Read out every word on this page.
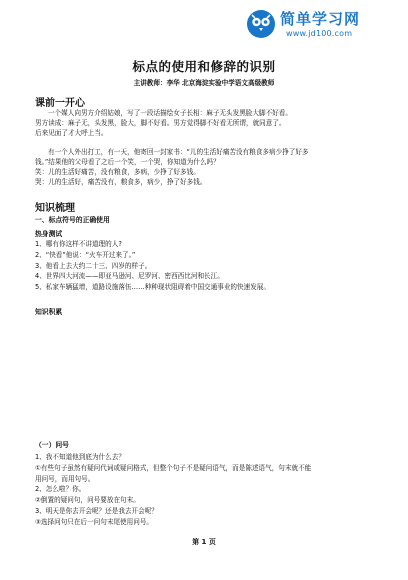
简单学习网
www.jd100.com
标点的使用和修辞的识别
主讲教师：李华 北京海淀实验中学语文高级教师
课前一开心

一个媒人向男方介绍姑娘，写了一段话描绘女子长相：麻子无头发黑脸大脚不好看。
男方读成：麻子无，头发黑，脸大，脚不好看。男方觉得脚不好看无所谓，就同意了。
后来见面了才大呼上当。

有一个人外出打工，有一天，他寄回一封家书：“儿的生活好痛苦没有粮食多病少挣了好多
钱。”结果他的父母看了之后一个笑，一个哭，你知道为什么吗？
笑：儿的生活好痛苦，没有粮食，多病，少挣了好多钱。
哭：儿的生活好，痛苦没有，粮食多，病少，挣了好多钱。

知识梳理
一、标点符号的正确使用
热身测试
1、哪有你这样不讲道理的人?
2、“快看”他说：“火车开过来了。”
3、他看上去大约二十三、四岁的样子。
4、世界四大河流——即亚马逊河、尼罗河、密西西比河和长江。
5、私家车辆猛增，道路设施落伍……种种现状阻碍着中国交通事业的快速发展。
知识积累
（一）问号
1、我不知道他到底为什么去？
①有些句子虽然有疑问代词或疑问格式，但整个句子不是疑问语气，而是陈述语气，句末就不能
用问号，而用句号。
2、怎么啦？你。
②倒置的疑问句，问号要放在句末。
3、明天是你去开会呢？还是我去开会呢？
③选择问句只在后一问句末尾使用问号。
第 1 页
